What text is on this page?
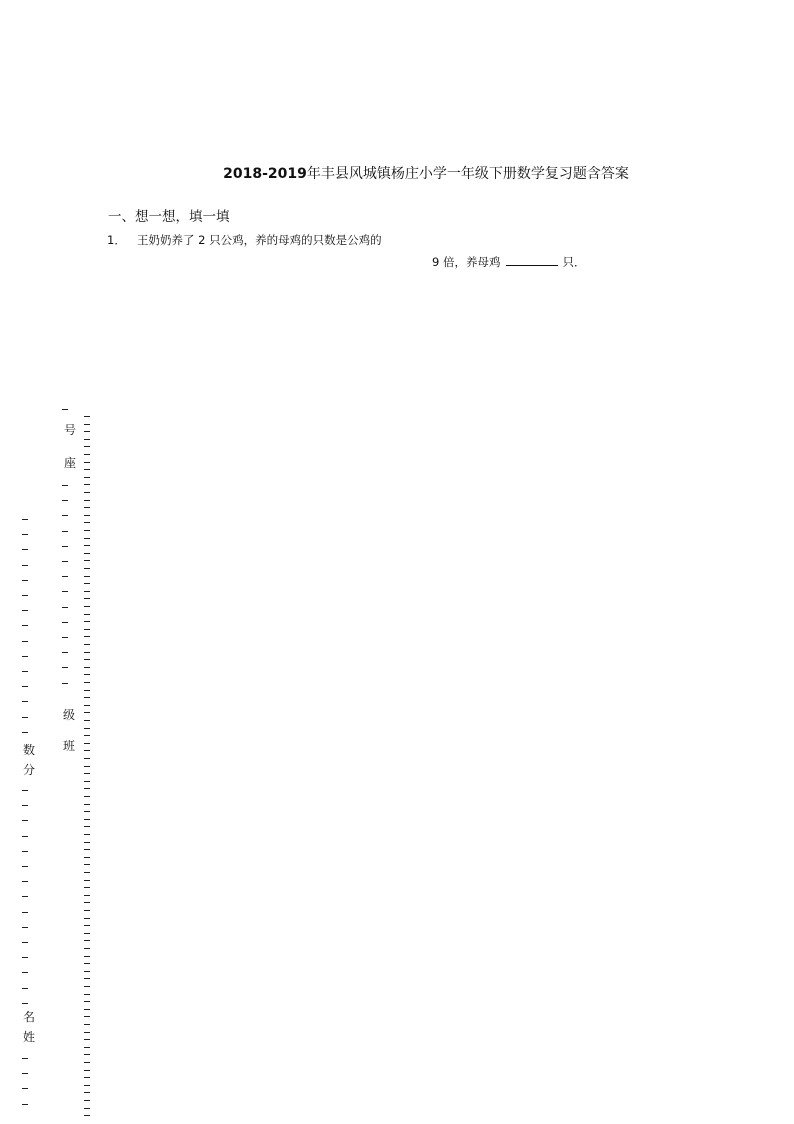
2018-2019年丰县风城镇杨庄小学一年级下册数学复习题含答案
一、想一想，填一填
1． 王奶奶养了 2 只公鸡，养的母鸡的只数是公鸡的
9 倍，养母鸡	只．
号座
级班
数分
名姓
